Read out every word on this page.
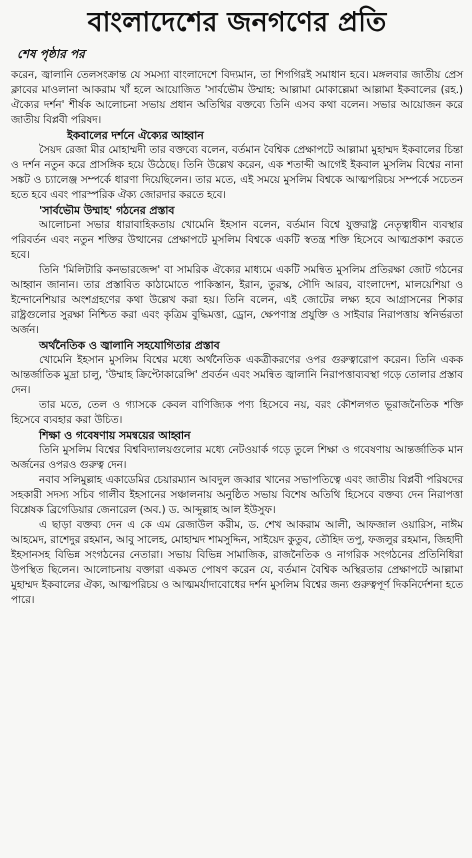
বাংলাদেশের জনগণের প্রতি
শেষ পৃষ্ঠার পর

করেন, জ্বালানি তেলসংক্রান্ত যে সমস্যা বাংলাদেশে বিদ্যমান, তা শিগগিরই সমাধান হবে। মঙ্গলবার জাতীয় প্রেস ক্লাবের মাওলানা আকরাম খাঁ হলে আয়োজিত 'সার্বভৌম উম্মাহ: আল্লামা মোকাল্লেমা আল্লামা ইকবালের (রহ.) ঐক্যের দর্শন' শীর্ষক আলোচনা সভায় প্রধান অতিথির বক্তব্যে তিনি এসব কথা বলেন। সভার আয়োজন করে জাতীয় বিপ্লবী পরিষদ।

ইকবালের দর্শনে ঐক্যের আহ্বান

সৈয়দ রেজা মীর মোহাম্মদী তার বক্তব্যে বলেন, বর্তমান বৈশ্বিক প্রেক্ষাপটে আল্লামা মুহাম্মদ ইকবালের চিন্তা ও দর্শন নতুন করে প্রাসঙ্গিক হয়ে উঠেছে। তিনি উল্লেখ করেন, এক শতাব্দী আগেই ইকবাল মুসলিম বিশ্বের নানা সঙ্কট ও চ্যালেঞ্জ সম্পর্কে ধারণা দিয়েছিলেন। তার মতে, এই সময়ে মুসলিম বিশ্বকে আত্মপরিচয় সম্পর্কে সচেতন হতে হবে এবং পারস্পরিক ঐক্য জোরদার করতে হবে।

'সার্বভৌম উম্মাহ' গঠনের প্রস্তাব

আলোচনা সভার ধারাবাহিকতায় খোমেনি ইহসান বলেন, বর্তমান বিশ্বে যুক্তরাষ্ট্র নেতৃত্বাধীন ব্যবস্থার পরিবর্তন এবং নতুন শক্তির উত্থানের প্রেক্ষাপটে মুসলিম বিশ্বকে একটি স্বতন্ত্র শক্তি হিসেবে আত্মপ্রকাশ করতে হবে।

তিনি 'মিলিটারি কনভারজেন্স' বা সামরিক ঐক্যের মাধ্যমে একটি সমন্বিত মুসলিম প্রতিরক্ষা জোট গঠনের আহ্বান জানান। তার প্রস্তাবিত কাঠামোতে পাকিস্তান, ইরান, তুরস্ক, সৌদি আরব, বাংলাদেশ, মালয়েশিয়া ও ইন্দোনেশিয়ার অংশগ্রহণের কথা উল্লেখ করা হয়। তিনি বলেন, এই জোটের লক্ষ্য হবে আগ্রাসনের শিকার রাষ্ট্রগুলোর সুরক্ষা নিশ্চিত করা এবং কৃত্রিম বুদ্ধিমত্তা, ড্রোন, ক্ষেপণাস্ত্র প্রযুক্তি ও সাইবার নিরাপত্তায় স্বনির্ভরতা অর্জন।

অর্থনৈতিক ও জ্বালানি সহযোগিতার প্রস্তাব

খোমেনি ইহসান মুসলিম বিশ্বের মধ্যে অর্থনৈতিক একত্রীকরণের ওপর গুরুত্বারোপ করেন। তিনি একক আন্তর্জাতিক মুদ্রা চালু, 'উম্মাহ ক্রিপ্টোকারেন্সি' প্রবর্তন এবং সমন্বিত জ্বালানি নিরাপত্তাব্যবস্থা গড়ে তোলার প্রস্তাব দেন।

তার মতে, তেল ও গ্যাসকে কেবল বাণিজ্যিক পণ্য হিসেবে নয়, বরং কৌশলগত ভূরাজনৈতিক শক্তি হিসেবে ব্যবহার করা উচিত।

শিক্ষা ও গবেষণায় সমন্বয়ের আহ্বান

তিনি মুসলিম বিশ্বের বিশ্ববিদ্যালয়গুলোর মধ্যে নেটওয়ার্ক গড়ে তুলে শিক্ষা ও গবেষণায় আন্তর্জাতিক মান অর্জনের ওপরও গুরুত্ব দেন।

নবাব সলিমুল্লাহ একাডেমির চেয়ারম্যান আবদুল জব্বার খানের সভাপতিত্বে এবং জাতীয় বিপ্লবী পরিষদের সহকারী সদস্য সচিব গালীব ইহসানের সঞ্চালনায় অনুষ্ঠিত সভায় বিশেষ অতিথি হিসেবে বক্তব্য দেন নিরাপত্তা বিশ্লেষক ব্রিগেডিয়ার জেনারেল (অব.) ড. আব্দুল্লাহ আল ইউসুফ।

এ ছাড়া বক্তব্য দেন এ কে এম রেজাউল করীম, ড. শেখ আকরাম আলী, আফজাল ওয়ারিস, নাঈম আহমেদ, রাশেদুর রহমান, আবু সালেহ, মোহাম্মদ শামসুদ্দিন, সাইয়েদ কুতুব, তৌহিদ তপু, ফজলুর রহমান, জিহাদী ইহসানসহ বিভিন্ন সংগঠনের নেতারা। সভায় বিভিন্ন সামাজিক, রাজনৈতিক ও নাগরিক সংগঠনের প্রতিনিধিরা উপস্থিত ছিলেন। আলোচনায় বক্তারা একমত পোষণ করেন যে, বর্তমান বৈশ্বিক অস্থিরতার প্রেক্ষাপটে আল্লামা মুহাম্মদ ইকবালের ঐক্য, আত্মপরিচয় ও আত্মমর্যাদাবোধের দর্শন মুসলিম বিশ্বের জন্য গুরুত্বপূর্ণ দিকনির্দেশনা হতে পারে।
